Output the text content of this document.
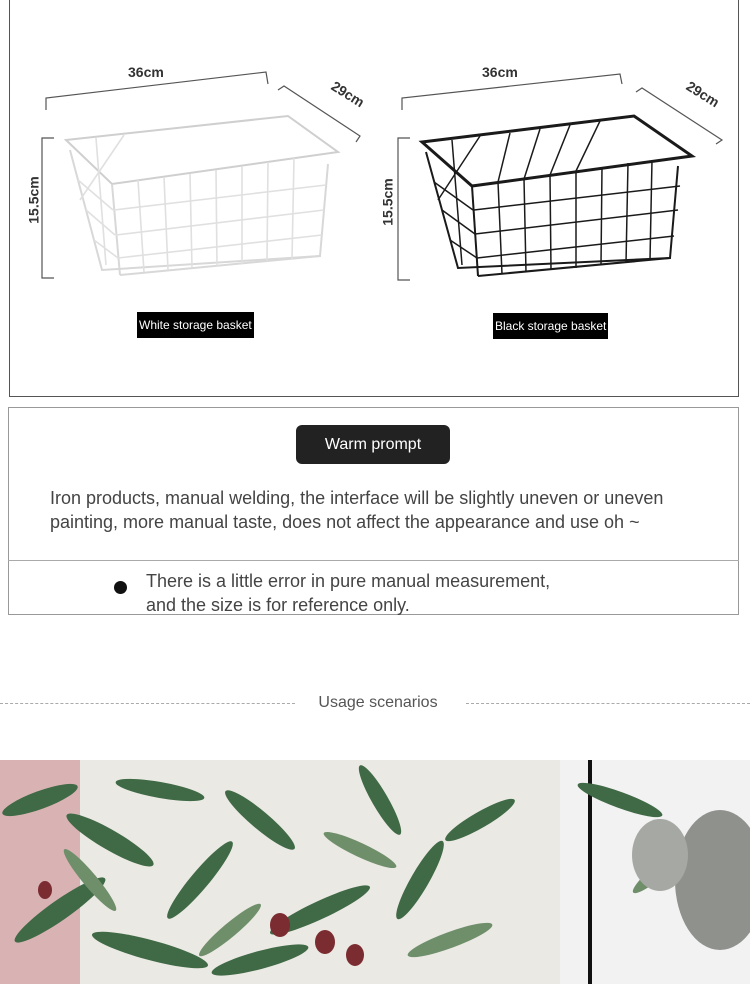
36cm
29cm
15.5cm
White storage basket
36cm
29cm
15.5cm
Black storage basket
Warm prompt
Iron products, manual welding, the interface will be slightly uneven or uneven
painting, more manual taste, does not affect the appearance and use oh ~
There is a little error in pure manual measurement,
and the size is for reference only.
Usage scenarios
